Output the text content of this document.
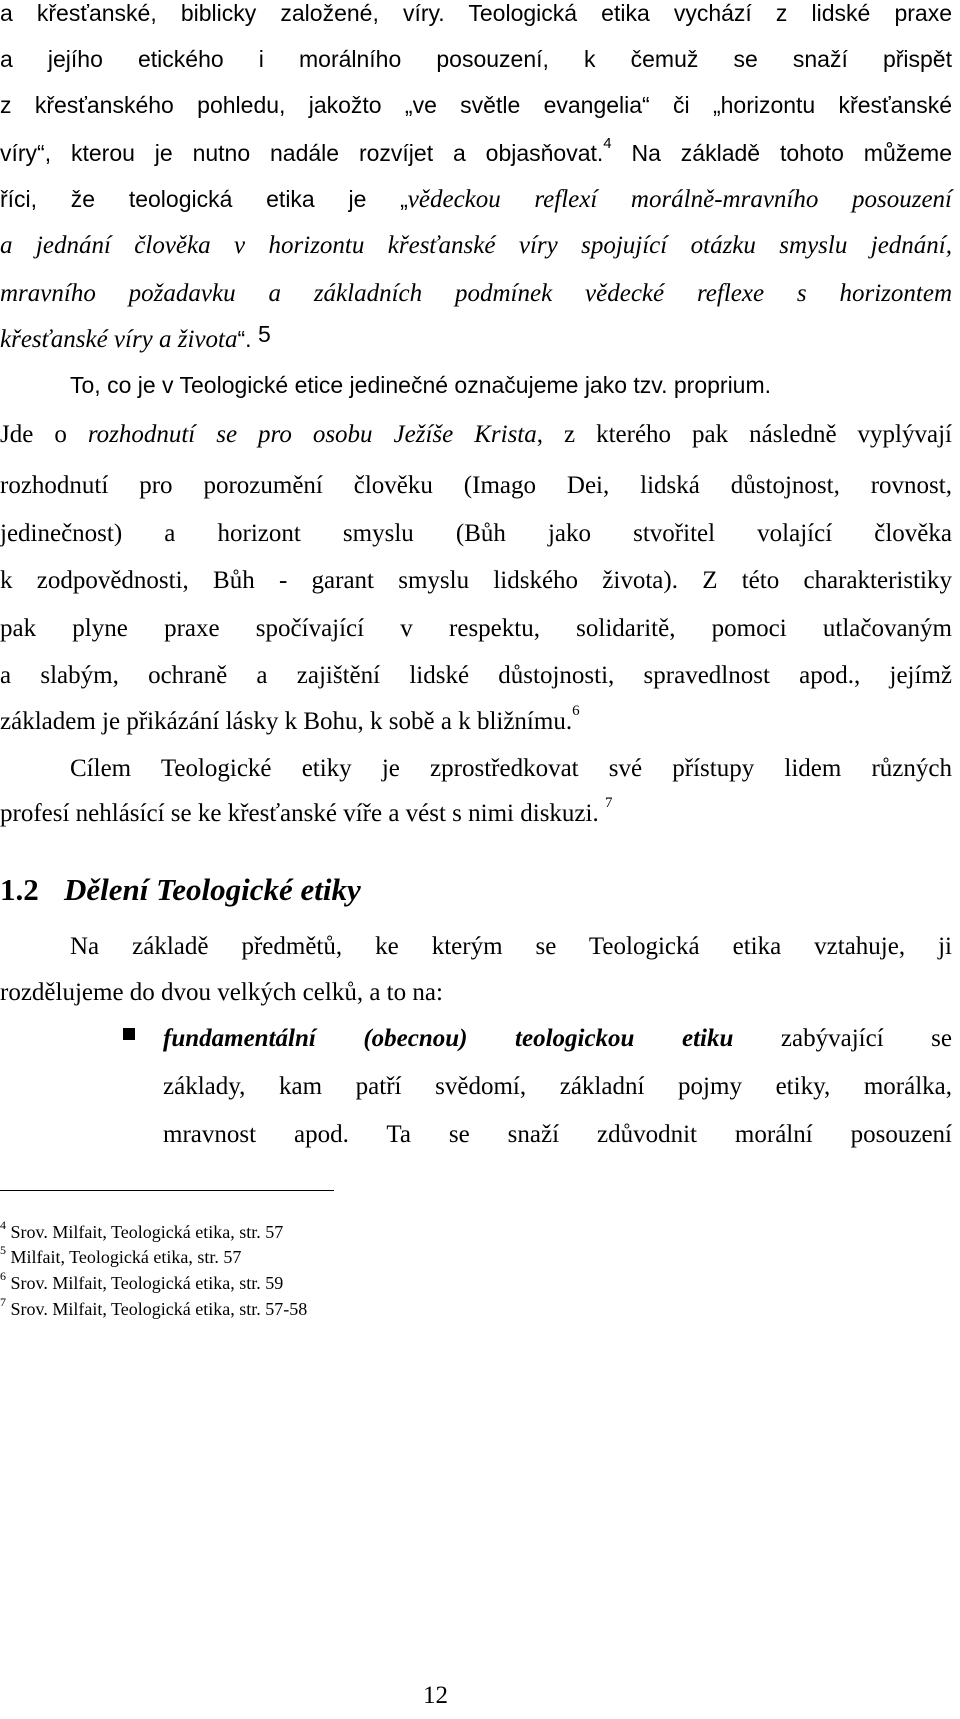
a křesťanské, biblicky založené, víry. Teologická etika vychází z lidské praxe
a jejího etického i morálního posouzení, k čemuž se snaží přispět
z křesťanského pohledu, jakožto „ve světle evangelia“ či „horizontu křesťanské
víry“, kterou je nutno nadále rozvíjet a objasňovat.$^4$ Na základě tohoto můžeme
říci, že teologická etika je „vědeckou reflexí morálně-mravního posouzení
a jednání člověka v horizontu křesťanské víry spojující otázku smyslu jednání,
mravního požadavku a základních podmínek vědecké reflexe s horizontem
křesťanské víry a života“. $^5$
To, co je v Teologické etice jedinečné označujeme jako tzv. proprium.
Jde o rozhodnutí se pro osobu Ježíše Krista, z kterého pak následně vyplývají
rozhodnutí pro porozumění člověku (Imago Dei, lidská důstojnost, rovnost,
jedinečnost) a horizont smyslu (Bůh jako stvořitel volající člověka
k zodpovědnosti, Bůh - garant smyslu lidského života). Z této charakteristiky
pak plyne praxe spočívající v respektu, solidaritě, pomoci utlačovaným
a slabým, ochraně a zajištění lidské důstojnosti, spravedlnost apod., jejímž
základem je přikázání lásky k Bohu, k sobě a k bližnímu.$^6$
Cílem Teologické etiky je zprostředkovat své přístupy lidem různých
profesí nehlásící se ke křesťanské víře a vést s nimi diskuzi. $^7$
1.2 Dělení Teologické etiky
Na základě předmětů, ke kterým se Teologická etika vztahuje, ji
rozdělujeme do dvou velkých celků, a to na:
fundamentální (obecnou) teologickou etiku zabývající se
základy, kam patří svědomí, základní pojmy etiky, morálka,
mravnost apod. Ta se snaží zdůvodnit morální posouzení
$^4$ Srov. Milfait, Teologická etika, str. 57
$^5$ Milfait, Teologická etika, str. 57
$^6$ Srov. Milfait, Teologická etika, str. 59
$^7$ Srov. Milfait, Teologická etika, str. 57-58
12
